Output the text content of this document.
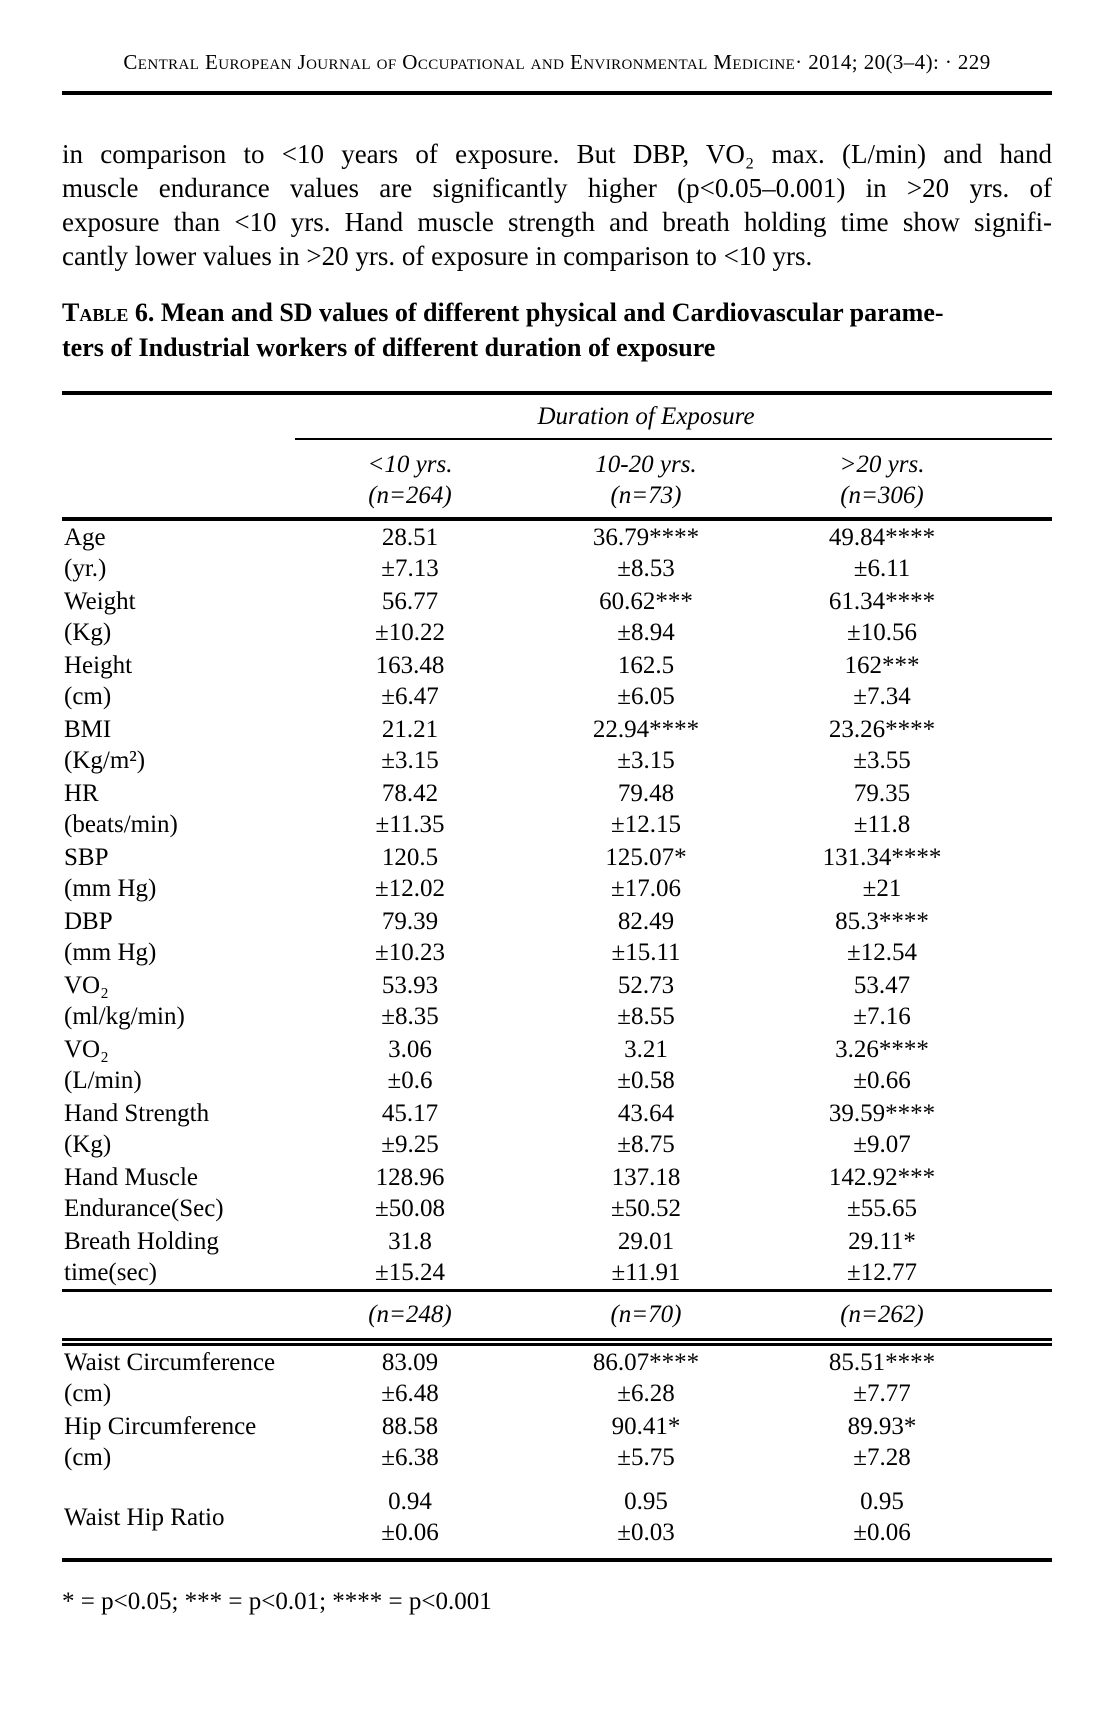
Central European Journal of Occupational and Environmental Medicine· 2014; 20(3–4): · 229
in comparison to <10 years of exposure. But DBP, VO₂ max. (L/min) and hand
muscle endurance values are significantly higher (p<0.05–0.001) in >20 yrs. of
exposure than <10 yrs. Hand muscle strength and breath holding time show signifi-
cantly lower values in >20 yrs. of exposure in comparison to <10 yrs.
Table 6. Mean and SD values of different physical and Cardiovascular parame-
ters of Industrial workers of different duration of exposure
Duration of Exposure
<10 yrs.
(n=264)
10-20 yrs.
(n=73)
>20 yrs.
(n=306)
Age
(yr.)
28.51
±7.13
36.79****
±8.53
49.84****
±6.11
Weight
(Kg)
56.77
±10.22
60.62***
±8.94
61.34****
±10.56
Height
(cm)
163.48
±6.47
162.5
±6.05
162***
±7.34
BMI
(Kg/m²)
21.21
±3.15
22.94****
±3.15
23.26****
±3.55
HR
(beats/min)
78.42
±11.35
79.48
±12.15
79.35
±11.8
SBP
(mm Hg)
120.5
±12.02
125.07*
±17.06
131.34****
±21
DBP
(mm Hg)
79.39
±10.23
82.49
±15.11
85.3****
±12.54
VO₂
(ml/kg/min)
53.93
±8.35
52.73
±8.55
53.47
±7.16
VO₂
(L/min)
3.06
±0.6
3.21
±0.58
3.26****
±0.66
Hand Strength
(Kg)
45.17
±9.25
43.64
±8.75
39.59****
±9.07
Hand Muscle
Endurance(Sec)
128.96
±50.08
137.18
±50.52
142.92***
±55.65
Breath Holding
time(sec)
31.8
±15.24
29.01
±11.91
29.11*
±12.77
(n=248)	(n=70)	(n=262)
Waist Circumference
(cm)
83.09
±6.48
86.07****
±6.28
85.51****
±7.77
Hip Circumference
(cm)
88.58
±6.38
90.41*
±5.75
89.93*
±7.28
Waist Hip Ratio
0.94
±0.06
0.95
±0.03
0.95
±0.06
* = p<0.05; *** = p<0.01; **** = p<0.001
